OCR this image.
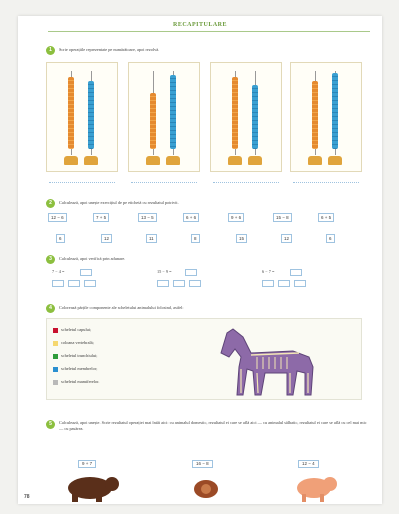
RECAPITULARE
1	Scrie operațiile reprezentate pe numărătoare, apoi rezolvă.
2	Calculează, apoi unește exercițiul de pe etichetă cu rezultatul potrivit.
3	Calculează, apoi verifică prin adunare.
4	Colorează părțile componente ale scheletului animalului folosind, astfel:
scheletul capului;
coloana vertebrală;
scheletul trunchiului;
scheletul membrelor;
scheletul mamiferelor.
5	Calculează, apoi unește. Scrie rezultatul operației mai întâi aici: cu animalul domestic, rezultatul ei care se află aici — cu animalul sălbatic, rezultatul ei care se află cu cel mai mic — cu pasărea.
9 + 7	16 − 8	12 − 4
78
12 − 6	7 + 5	13 − 5	6 + 6	9 + 6	15 − 8	6 + 5
6	12	11	8	15	12	6
7 − 4 =	15 − 9 =	6 − 7 =
